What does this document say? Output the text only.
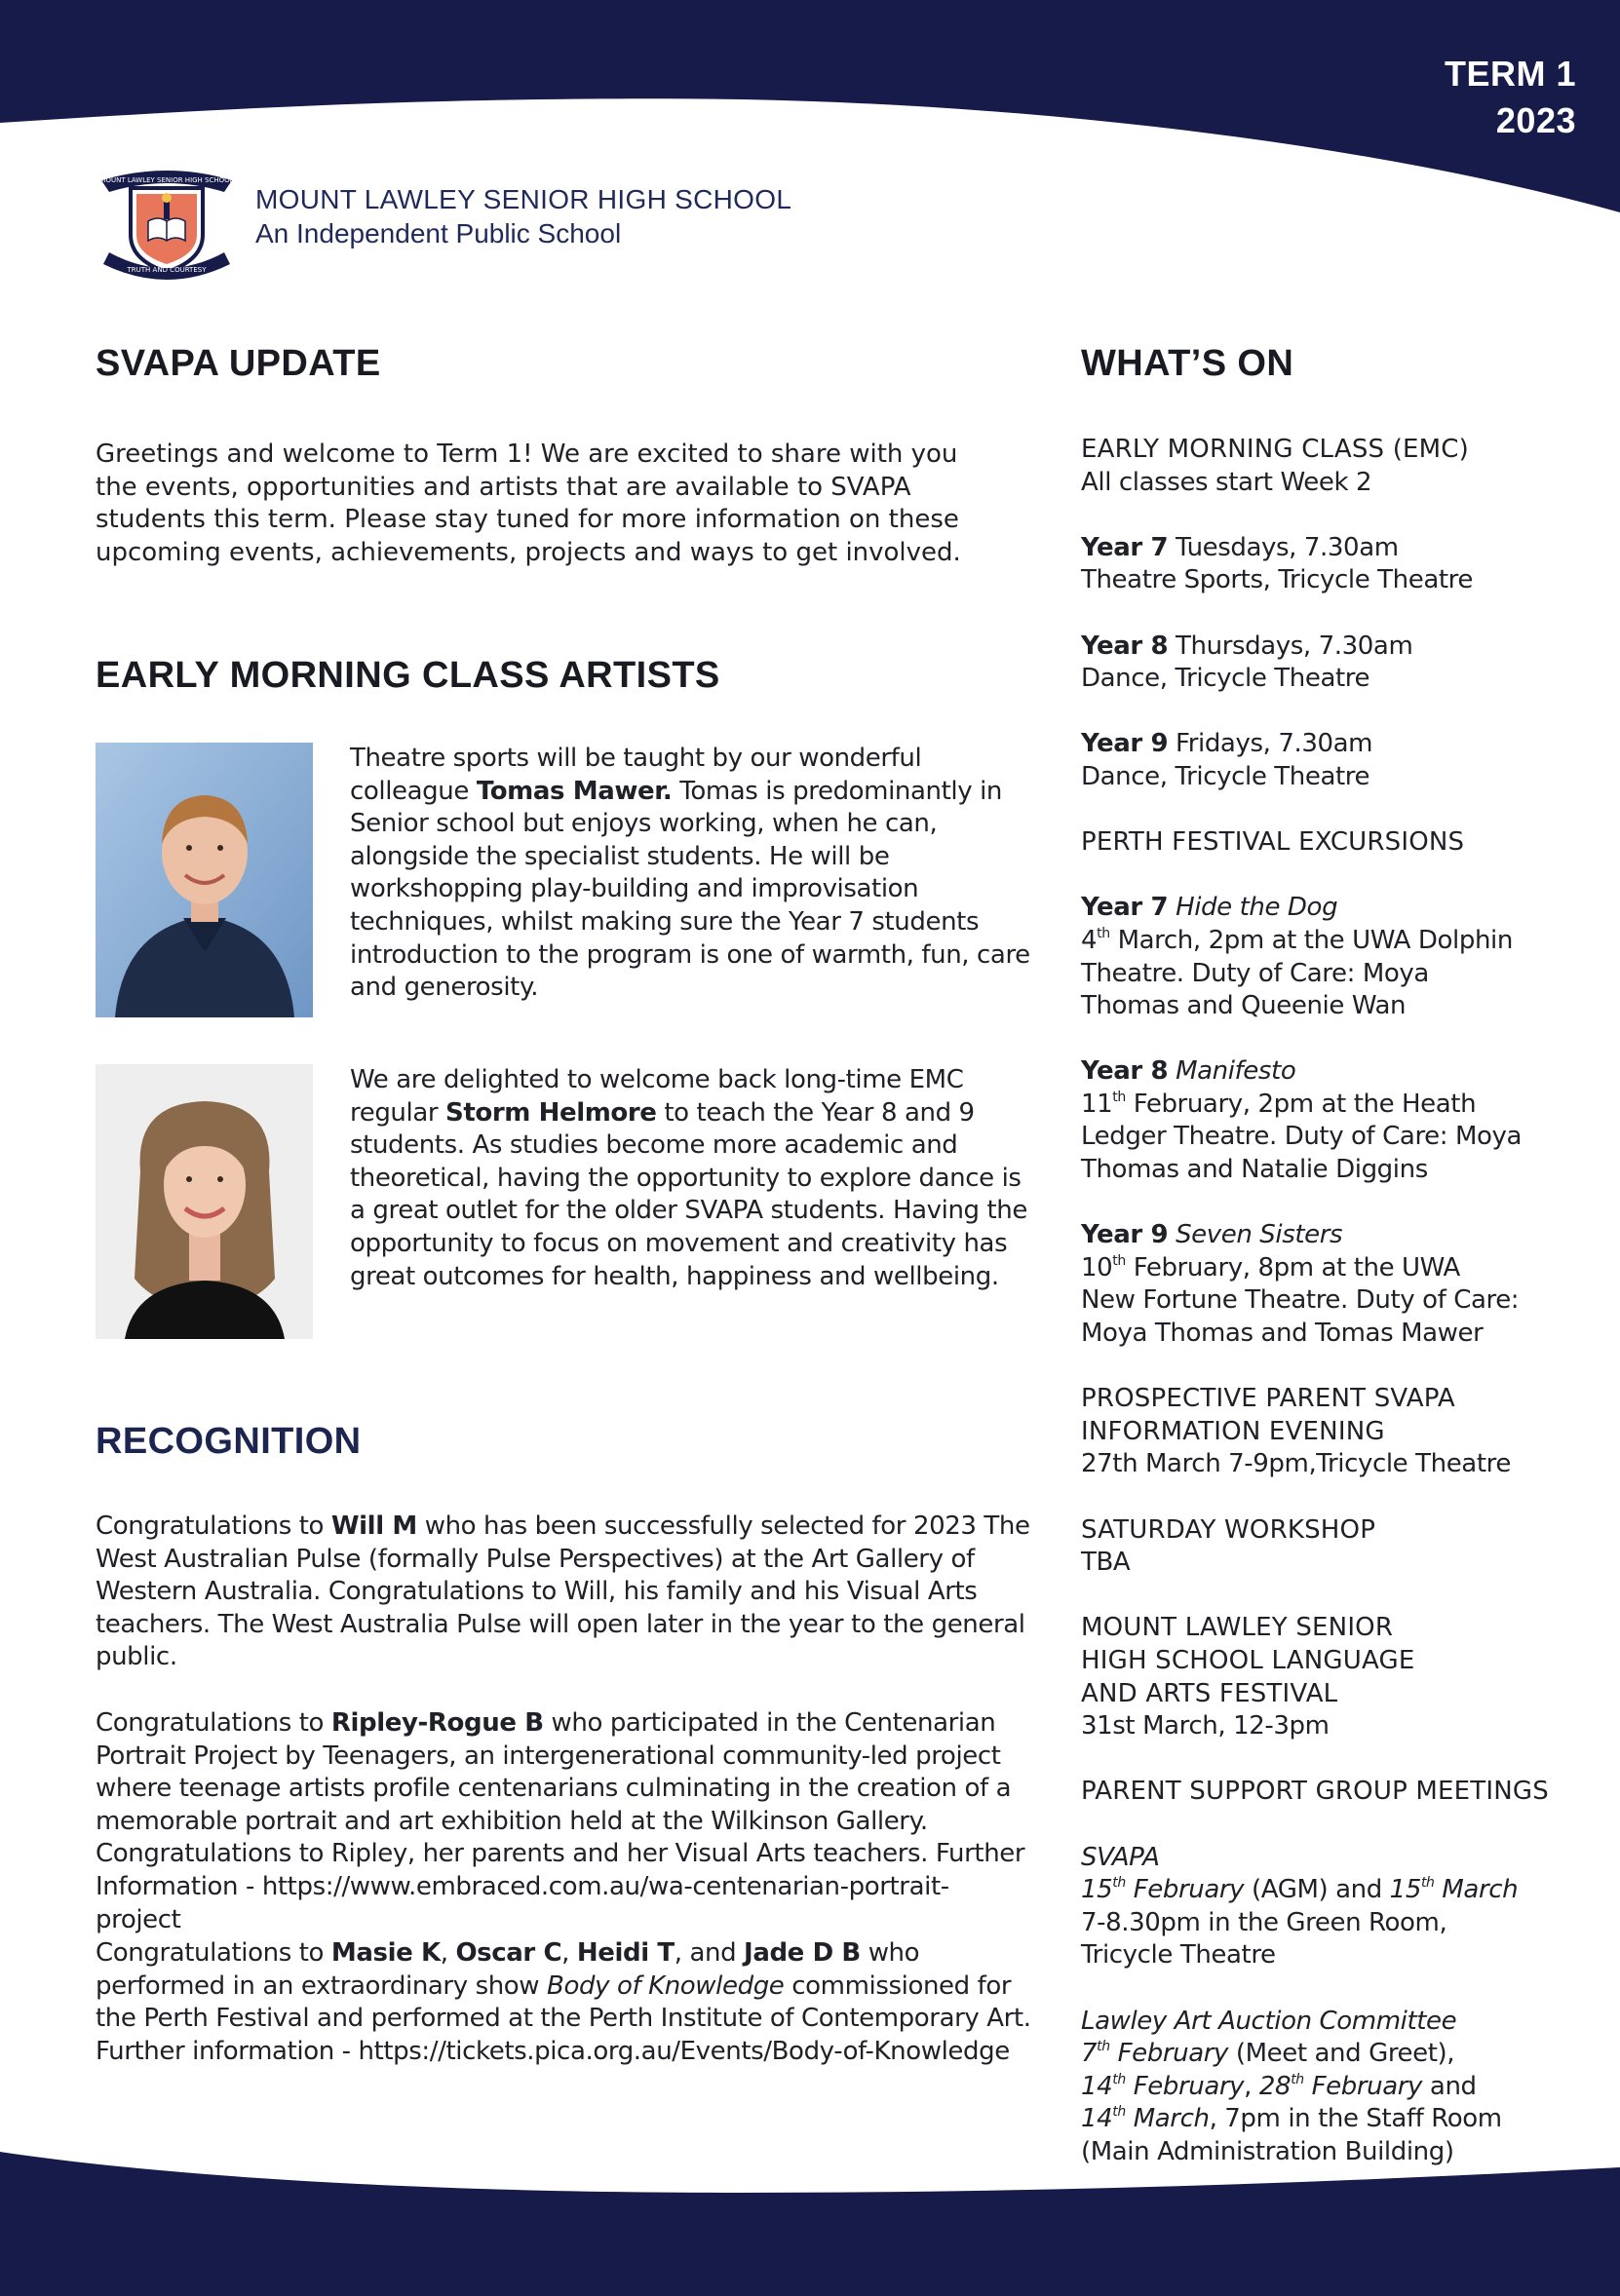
TERM 1
2023
MOUNT LAWLEY SENIOR HIGH SCHOOL
TRUTH AND COURTESY
MOUNT LAWLEY SENIOR HIGH SCHOOL
An Independent Public School
SVAPA UPDATE

Greetings and welcome to Term 1! We are excited to share with you the events, opportunities and artists that are available to SVAPA students this term. Please stay tuned for more information on these upcoming events, achievements, projects and ways to get involved.

EARLY MORNING CLASS ARTISTS

Theatre sports will be taught by our wonderful colleague Tomas Mawer. Tomas is predominantly in Senior school but enjoys working, when he can, alongside the specialist students. He will be workshopping play-building and improvisation techniques, whilst making sure the Year 7 students introduction to the program is one of warmth, fun, care and generosity.

We are delighted to welcome back long-time EMC regular Storm Helmore to teach the Year 8 and 9 students. As studies become more academic and theoretical, having the opportunity to explore dance is a great outlet for the older SVAPA students. Having the opportunity to focus on movement and creativity has great outcomes for health, happiness and wellbeing.

RECOGNITION

Congratulations to Will M who has been successfully selected for 2023 The West Australian Pulse (formally Pulse Perspectives) at the Art Gallery of Western Australia. Congratulations to Will, his family and his Visual Arts teachers. The West Australia Pulse will open later in the year to the general public.

Congratulations to Ripley-Rogue B who participated in the Centenarian Portrait Project by Teenagers, an intergenerational community-led project where teenage artists profile centenarians culminating in the creation of a memorable portrait and art exhibition held at the Wilkinson Gallery. Congratulations to Ripley, her parents and her Visual Arts teachers. Further Information - https://www.embraced.com.au/wa-centenarian-portrait-project

Congratulations to Masie K, Oscar C, Heidi T, and Jade D B who performed in an extraordinary show Body of Knowledge commissioned for the Perth Festival and performed at the Perth Institute of Contemporary Art. Further information - https://tickets.pica.org.au/Events/Body-of-Knowledge

WHAT’S ON
EARLY MORNING CLASS (EMC)
All classes start Week 2
Year 7 Tuesdays, 7.30am
Theatre Sports, Tricycle Theatre
Year 8 Thursdays, 7.30am
Dance, Tricycle Theatre
Year 9 Fridays, 7.30am
Dance, Tricycle Theatre
PERTH FESTIVAL EXCURSIONS
Year 7 Hide the Dog
4th March, 2pm at the UWA Dolphin
Theatre. Duty of Care: Moya
Thomas and Queenie Wan
Year 8 Manifesto
11th February, 2pm at the Heath
Ledger Theatre. Duty of Care: Moya
Thomas and Natalie Diggins
Year 9 Seven Sisters
10th February, 8pm at the UWA
New Fortune Theatre. Duty of Care:
Moya Thomas and Tomas Mawer
PROSPECTIVE PARENT SVAPA
INFORMATION EVENING
27th March 7-9pm,Tricycle Theatre
SATURDAY WORKSHOP
TBA
MOUNT LAWLEY SENIOR
HIGH SCHOOL LANGUAGE
AND ARTS FESTIVAL
31st March, 12-3pm
PARENT SUPPORT GROUP MEETINGS
SVAPA
15th February (AGM) and 15th March
7-8.30pm in the Green Room,
Tricycle Theatre
Lawley Art Auction Committee
7th February (Meet and Greet),
14th February, 28th February and
14th March, 7pm in the Staff Room
(Main Administration Building)
